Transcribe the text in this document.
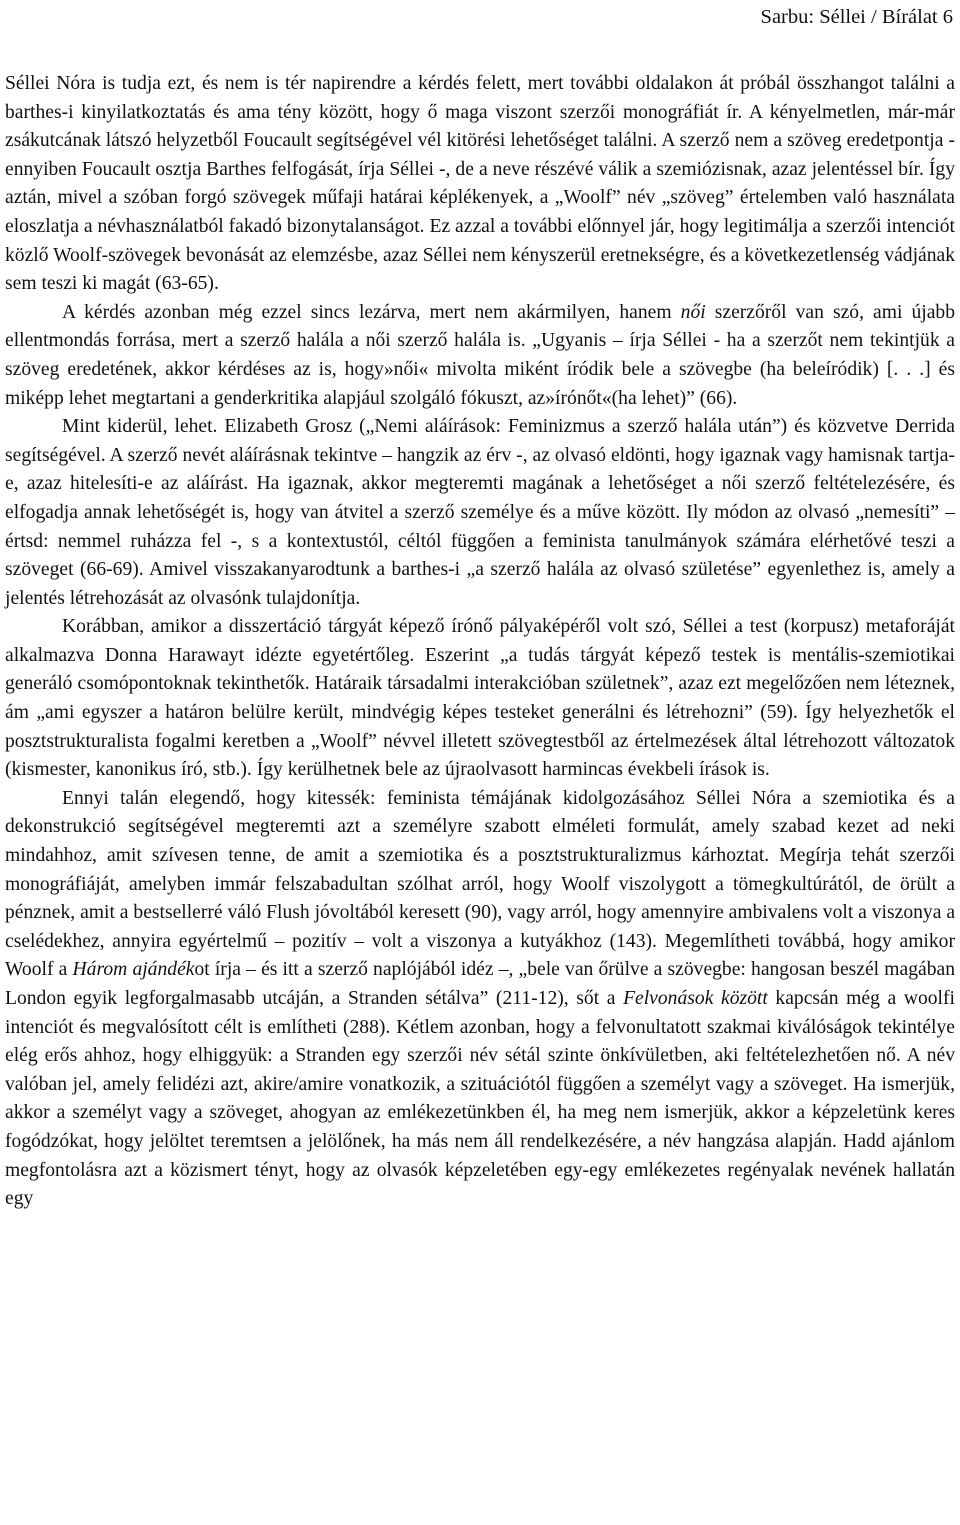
Sarbu: Séllei / Bírálat 6

Séllei Nóra is tudja ezt, és nem is tér napirendre a kérdés felett, mert további oldalakon át próbál összhangot találni a barthes-i kinyilatkoztatás és ama tény között, hogy ő maga viszont szerzői monográfiát ír. A kényelmetlen, már-már zsákutcának látszó helyzetből Foucault segítségével vél kitörési lehetőséget találni. A szerző nem a szöveg eredetpontja - ennyiben Foucault osztja Barthes felfogását, írja Séllei -, de a neve részévé válik a szemiózisnak, azaz jelentéssel bír. Így aztán, mivel a szóban forgó szövegek műfaji határai képlékenyek, a „Woolf” név „szöveg” értelemben való használata eloszlatja a névhasználatból fakadó bizonytalanságot. Ez azzal a további előnnyel jár, hogy legitimálja a szerzői intenciót közlő Woolf-szövegek bevonását az elemzésbe, azaz Séllei nem kényszerül eretnekségre, és a következetlenség vádjának sem teszi ki magát (63-65).

A kérdés azonban még ezzel sincs lezárva, mert nem akármilyen, hanem női szerzőről van szó, ami újabb ellentmondás forrása, mert a szerző halála a női szerző halála is. „Ugyanis – írja Séllei - ha a szerzőt nem tekintjük a szöveg eredetének, akkor kérdéses az is, hogy»női« mivolta miként íródik bele a szövegbe (ha beleíródik) [. . .] és miképp lehet megtartani a genderkritika alapjául szolgáló fókuszt, az»írónőt«(ha lehet)” (66).

Mint kiderül, lehet. Elizabeth Grosz („Nemi aláírások: Feminizmus a szerző halála után”) és közvetve Derrida segítségével. A szerző nevét aláírásnak tekintve – hangzik az érv -, az olvasó eldönti, hogy igaznak vagy hamisnak tartja-e, azaz hitelesíti-e az aláírást. Ha igaznak, akkor megteremti magának a lehetőséget a női szerző feltételezésére, és elfogadja annak lehetőségét is, hogy van átvitel a szerző személye és a műve között. Ily módon az olvasó „nemesíti” – értsd: nemmel ruházza fel -, s a kontextustól, céltól függően a feminista tanulmányok számára elérhetővé teszi a szöveget (66-69). Amivel visszakanyarodtunk a barthes-i „a szerző halála az olvasó születése” egyenlethez is, amely a jelentés létrehozását az olvasónk tulajdonítja.

Korábban, amikor a disszertáció tárgyát képező írónő pályaképéről volt szó, Séllei a test (korpusz) metaforáját alkalmazva Donna Harawayt idézte egyetértőleg. Eszerint „a tudás tárgyát képező testek is mentális-szemiotikai generáló csomópontoknak tekinthetők. Határaik társadalmi interakcióban születnek”, azaz ezt megelőzően nem léteznek, ám „ami egyszer a határon belülre került, mindvégig képes testeket generálni és létrehozni” (59). Így helyezhetők el posztstrukturalista fogalmi keretben a „Woolf” névvel illetett szövegtestből az értelmezések által létrehozott változatok (kismester, kanonikus író, stb.). Így kerülhetnek bele az újraolvasott harmincas évekbeli írások is.

Ennyi talán elegendő, hogy kitessék: feminista témájának kidolgozásához Séllei Nóra a szemiotika és a dekonstrukció segítségével megteremti azt a személyre szabott elméleti formulát, amely szabad kezet ad neki mindahhoz, amit szívesen tenne, de amit a szemiotika és a posztstrukturalizmus kárhoztat. Megírja tehát szerzői monográfiáját, amelyben immár felszabadultan szólhat arról, hogy Woolf viszolygott a tömegkultúrától, de örült a pénznek, amit a bestsellerré váló Flush jóvoltából keresett (90), vagy arról, hogy amennyire ambivalens volt a viszonya a cselédekhez, annyira egyértelmű – pozitív – volt a viszonya a kutyákhoz (143). Megemlítheti továbbá, hogy amikor Woolf a Három ajándékot írja – és itt a szerző naplójából idéz –, „bele van őrülve a szövegbe: hangosan beszél magában London egyik legforgalmasabb utcáján, a Stranden sétálva” (211-12), sőt a Felvonások között kapcsán még a woolfi intenciót és megvalósított célt is említheti (288). Kétlem azonban, hogy a felvonultatott szakmai kiválóságok tekintélye elég erős ahhoz, hogy elhiggyük: a Stranden egy szerzői név sétál szinte önkívületben, aki feltételezhetően nő. A név valóban jel, amely felidézi azt, akire/amire vonatkozik, a szituációtól függően a személyt vagy a szöveget. Ha ismerjük, akkor a személyt vagy a szöveget, ahogyan az emlékezetünkben él, ha meg nem ismerjük, akkor a képzeletünk keres fogódzókat, hogy jelöltet teremtsen a jelölőnek, ha más nem áll rendelkezésére, a név hangzása alapján. Hadd ajánlom megfontolásra azt a közismert tényt, hogy az olvasók képzeletében egy-egy emlékezetes regényalak nevének hallatán egy
